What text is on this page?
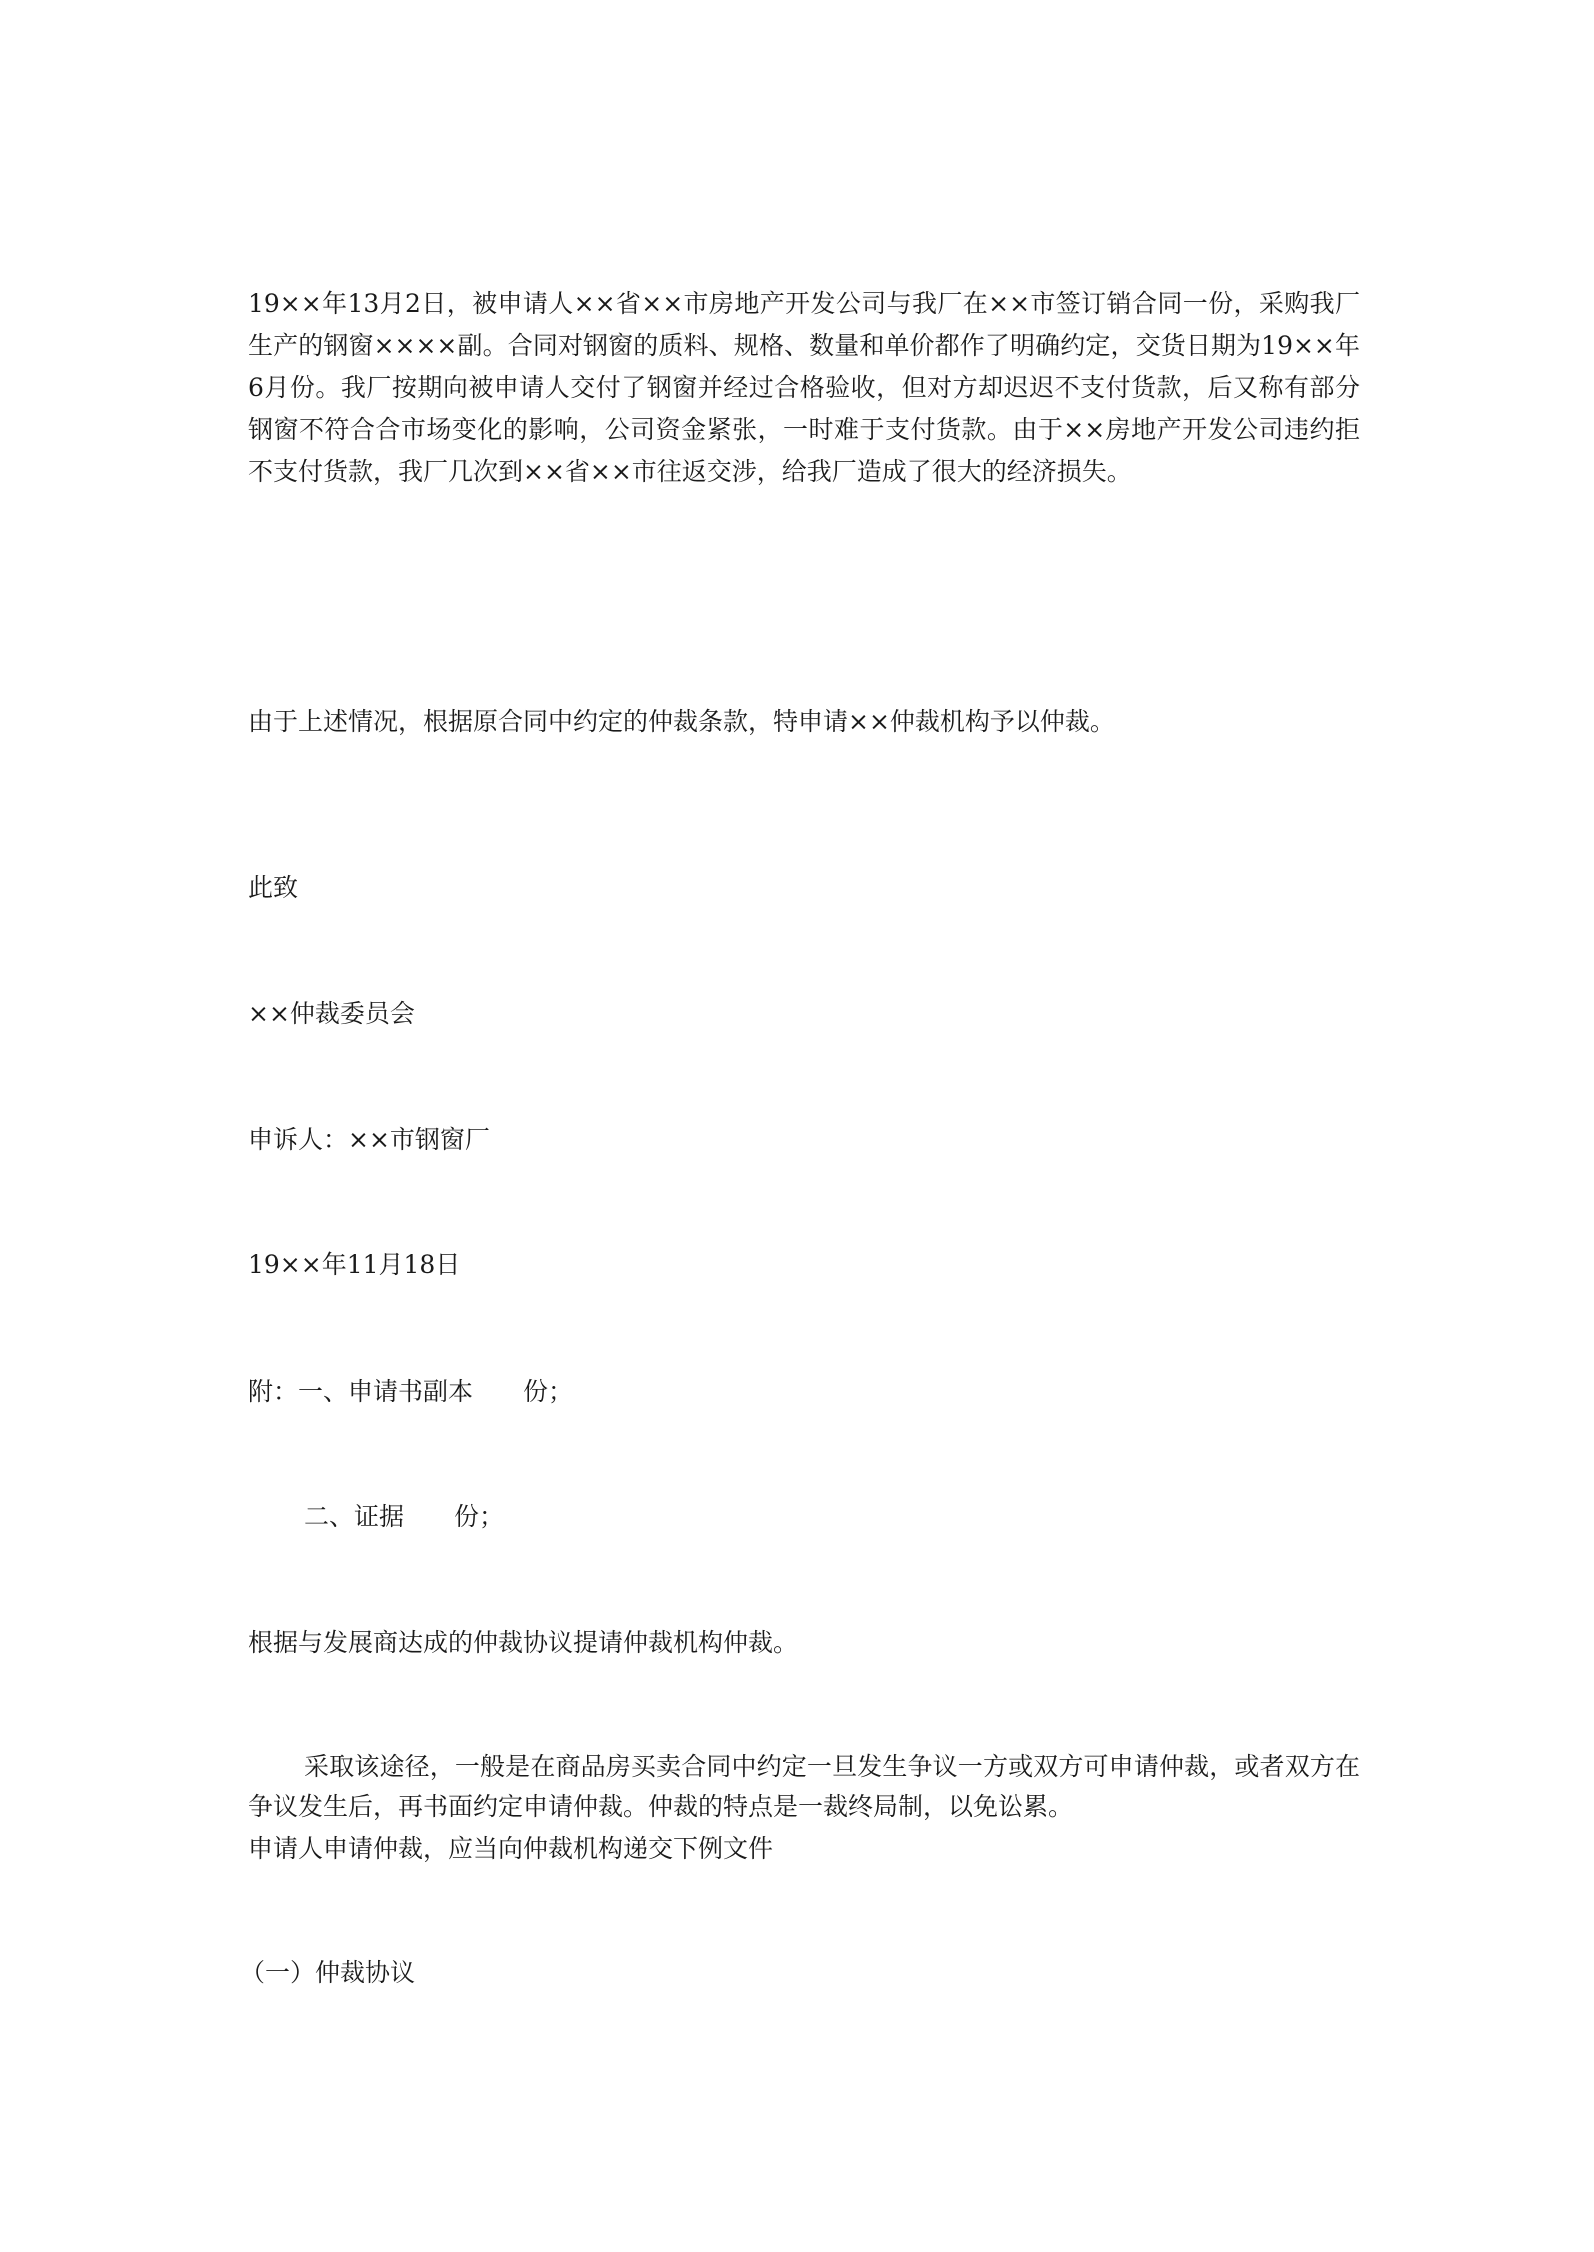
19××年13月2日，被申请人××省××市房地产开发公司与我厂在××市签订销合同一份，采购我厂生产的钢窗××××副。合同对钢窗的质料、规格、数量和单价都作了明确约定，交货日期为19××年6月份。我厂按期向被申请人交付了钢窗并经过合格验收，但对方却迟迟不支付货款，后又称有部分钢窗不符合合市场变化的影响，公司资金紧张，一时难于支付货款。由于××房地产开发公司违约拒不支付货款，我厂几次到××省××市往返交涉，给我厂造成了很大的经济损失。

由于上述情况，根据原合同中约定的仲裁条款，特申请××仲裁机构予以仲裁。

此致

××仲裁委员会

申诉人：××市钢窗厂

19××年11月18日

附：一、申请书副本　　份；

二、证据　　份；

根据与发展商达成的仲裁协议提请仲裁机构仲裁。

采取该途径，一般是在商品房买卖合同中约定一旦发生争议一方或双方可申请仲裁，或者双方在争议发生后，再书面约定申请仲裁。仲裁的特点是一裁终局制，以免讼累。

申请人申请仲裁，应当向仲裁机构递交下例文件

（一）仲裁协议
